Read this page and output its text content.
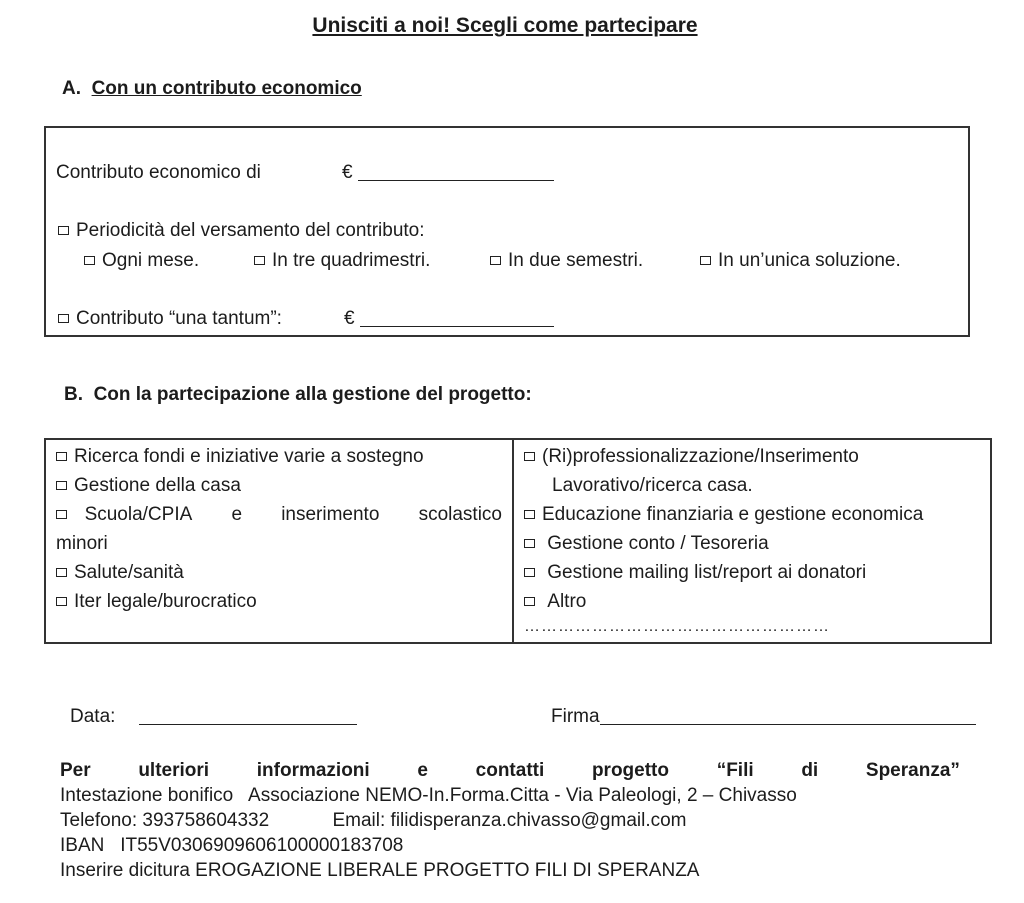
Unisciti a noi! Scegli come partecipare
A. Con un contributo economico
Contributo economico di	€
Periodicità del versamento del contributo:
Ogni mese.	In tre quadrimestri.	In due semestri.	In un’unica soluzione.
Contributo “una tantum”:	€
B. Con la partecipazione alla gestione del progetto:
Ricerca fondi e iniziative varie a sostegno
Gestione della casa
Scuola/CPIA e inserimento scolastico
minori
Salute/sanità
Iter legale/burocratico
(Ri)professionalizzazione/Inserimento
Lavorativo/ricerca casa.
Educazione finanziaria e gestione economica
Gestione conto / Tesoreria
Gestione mailing list/report ai donatori
Altro
………………………………………………
Data:	Firma
Per	ulteriori	informazioni	e	contatti	progetto	“Fili	di	Speranza”
Intestazione bonifico Associazione NEMO-In.Forma.Citta - Via Paleologi, 2 – Chivasso
Telefono: 393758604332	Email: filidisperanza.chivasso@gmail.com
IBAN IT55V0306909606100000183708
Inserire dicitura EROGAZIONE LIBERALE PROGETTO FILI DI SPERANZA
